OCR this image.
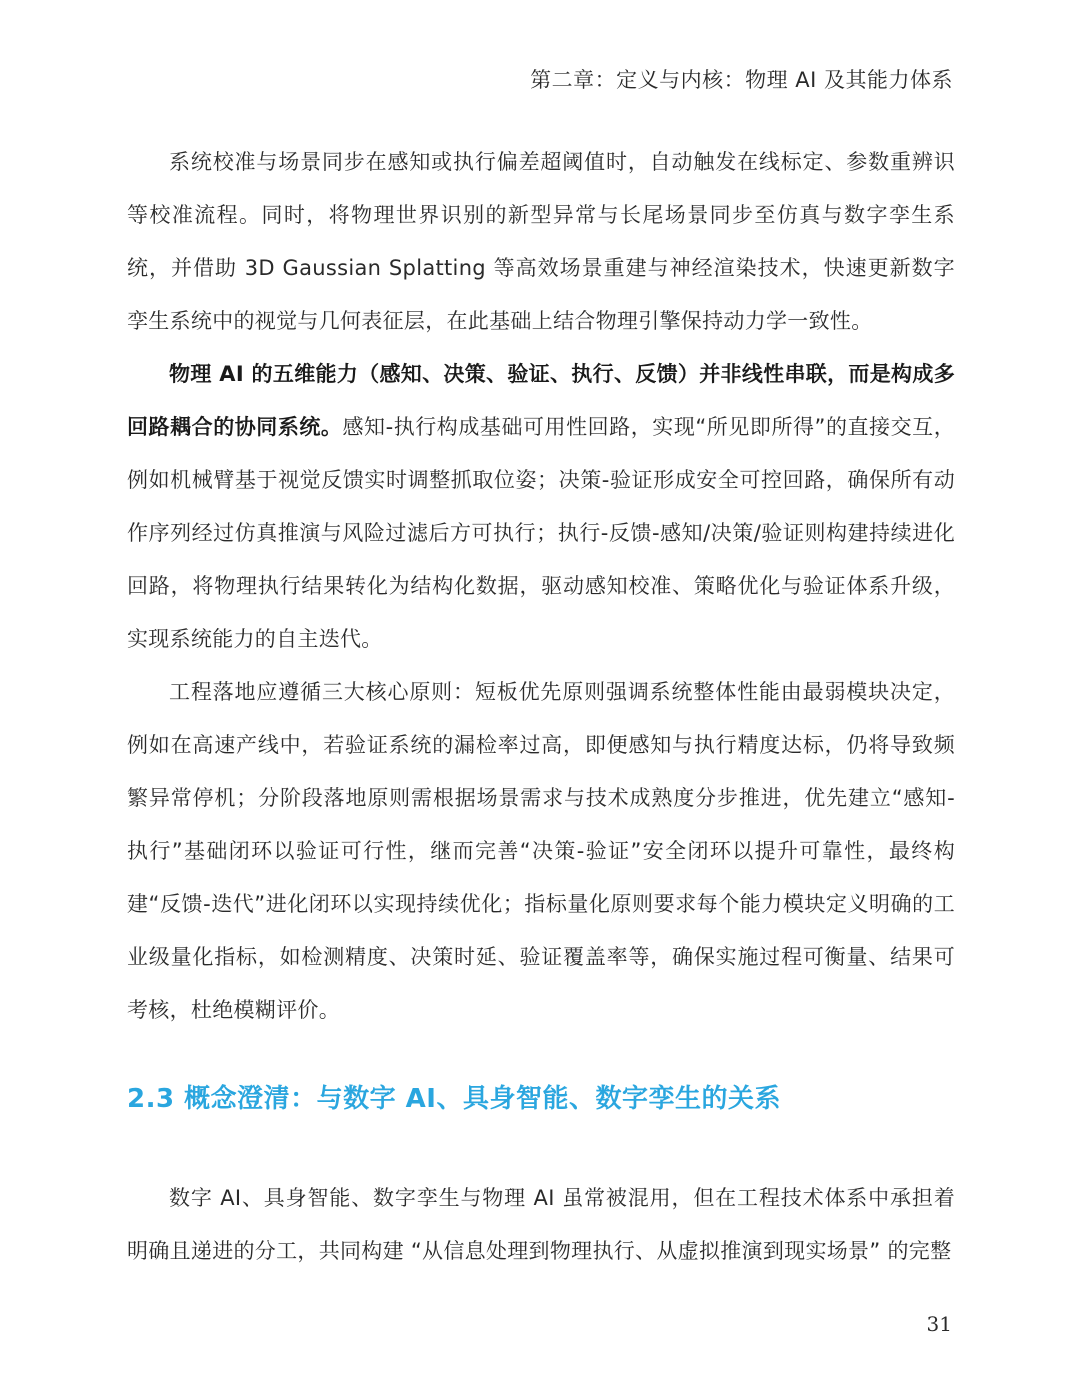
第二章：定义与内核：物理 AI 及其能力体系

系统校准与场景同步在感知或执行偏差超阈值时，自动触发在线标定、参数重辨识等校准流程。同时，将物理世界识别的新型异常与长尾场景同步至仿真与数字孪生系统，并借助 3D Gaussian Splatting 等高效场景重建与神经渲染技术，快速更新数字孪生系统中的视觉与几何表征层，在此基础上结合物理引擎保持动力学一致性。

物理 AI 的五维能力（感知、决策、验证、执行、反馈）并非线性串联，而是构成多回路耦合的协同系统。感知-执行构成基础可用性回路，实现“所见即所得”的直接交互，例如机械臂基于视觉反馈实时调整抓取位姿；决策-验证形成安全可控回路，确保所有动作序列经过仿真推演与风险过滤后方可执行；执行-反馈-感知/决策/验证则构建持续进化回路，将物理执行结果转化为结构化数据，驱动感知校准、策略优化与验证体系升级，实现系统能力的自主迭代。

工程落地应遵循三大核心原则：短板优先原则强调系统整体性能由最弱模块决定，例如在高速产线中，若验证系统的漏检率过高，即便感知与执行精度达标，仍将导致频繁异常停机；分阶段落地原则需根据场景需求与技术成熟度分步推进，优先建立“感知-执行”基础闭环以验证可行性，继而完善“决策-验证”安全闭环以提升可靠性，最终构建“反馈-迭代”进化闭环以实现持续优化；指标量化原则要求每个能力模块定义明确的工业级量化指标，如检测精度、决策时延、验证覆盖率等，确保实施过程可衡量、结果可考核，杜绝模糊评价。

2.3 概念澄清：与数字 AI、具身智能、数字孪生的关系

数字 AI、具身智能、数字孪生与物理 AI 虽常被混用，但在工程技术体系中承担着明确且递进的分工，共同构建 “从信息处理到物理执行、从虚拟推演到现实场景” 的完整

31
